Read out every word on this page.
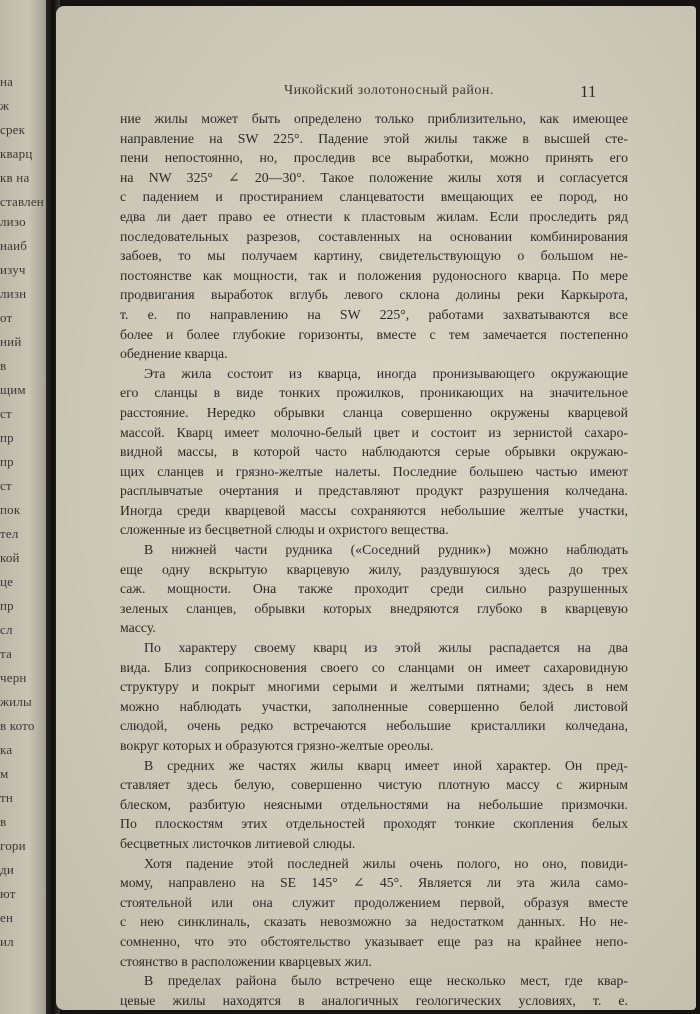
на
ж
срек
кварц
кв на
ставлен
лизо
наиб
изуч
лизн
от
ний
в
щим
ст
пр
пр
ст
пок
тел
кой
це
пр
сл
та
черн
жилы
в кото
ка
м
тн
в
гори
ди
ют
ен
ил
Чикойский золотоносный район.	11
ние жилы может быть определено только приблизительно, как имеющее
направление на SW 225°. Падение этой жилы также в высшей сте-
пени непостоянно, но, проследив все выработки, можно принять его
на NW 325° ∠ 20—30°. Такое положение жилы хотя и согласуется
с падением и простиранием сланцеватости вмещающих ее пород, но
едва ли дает право ее отнести к пластовым жилам. Если проследить ряд
последовательных разрезов, составленных на основании комбинирования
забоев, то мы получаем картину, свидетельствующую о большом не-
постоянстве как мощности, так и положения рудоносного кварца. По мере
продвигания выработок вглубь левого склона долины реки Каркырота,
т. е. по направлению на SW 225°, работами захватываются все
более и более глубокие горизонты, вместе с тем замечается постепенно
обеднение кварца.
Эта жила состоит из кварца, иногда пронизывающего окружающие
его сланцы в виде тонких прожилков, проникающих на значительное
расстояние. Нередко обрывки сланца совершенно окружены кварцевой
массой. Кварц имеет молочно-белый цвет и состоит из зернистой сахаро-
видной массы, в которой часто наблюдаются серые обрывки окружаю-
щих сланцев и грязно-желтые налеты. Последние большею частью имеют
расплывчатые очертания и представляют продукт разрушения колчедана.
Иногда среди кварцевой массы сохраняются небольшие желтые участки,
сложенные из бесцветной слюды и охристого вещества.
В нижней части рудника («Соседний рудник») можно наблюдать
еще одну вскрытую кварцевую жилу, раздувшуюся здесь до трех
саж. мощности. Она также проходит среди сильно разрушенных
зеленых сланцев, обрывки которых внедряются глубоко в кварцевую
массу.
По характеру своему кварц из этой жилы распадается на два
вида. Близ соприкосновения своего со сланцами он имеет сахаровидную
структуру и покрыт многими серыми и желтыми пятнами; здесь в нем
можно наблюдать участки, заполненные совершенно белой листовой
слюдой, очень редко встречаются небольшие кристаллики колчедана,
вокруг которых и образуются грязно-желтые ореолы.
В средних же частях жилы кварц имеет иной характер. Он пред-
ставляет здесь белую, совершенно чистую плотную массу с жирным
блеском, разбитую неясными отдельностями на небольшие призмочки.
По плоскостям этих отдельностей проходят тонкие скопления белых
бесцветных листочков литиевой слюды.
Хотя падение этой последней жилы очень полого, но оно, повиди-
мому, направлено на SE 145° ∠ 45°. Является ли эта жила само-
стоятельной или она служит продолжением первой, образуя вместе
с нею синклиналь, сказать невозможно за недостатком данных. Но не-
сомненно, что это обстоятельство указывает еще раз на крайнее непо-
стоянство в расположении кварцевых жил.
В пределах района было встречено еще несколько мест, где квар-
цевые жилы находятся в аналогичных геологических условиях, т. е.
